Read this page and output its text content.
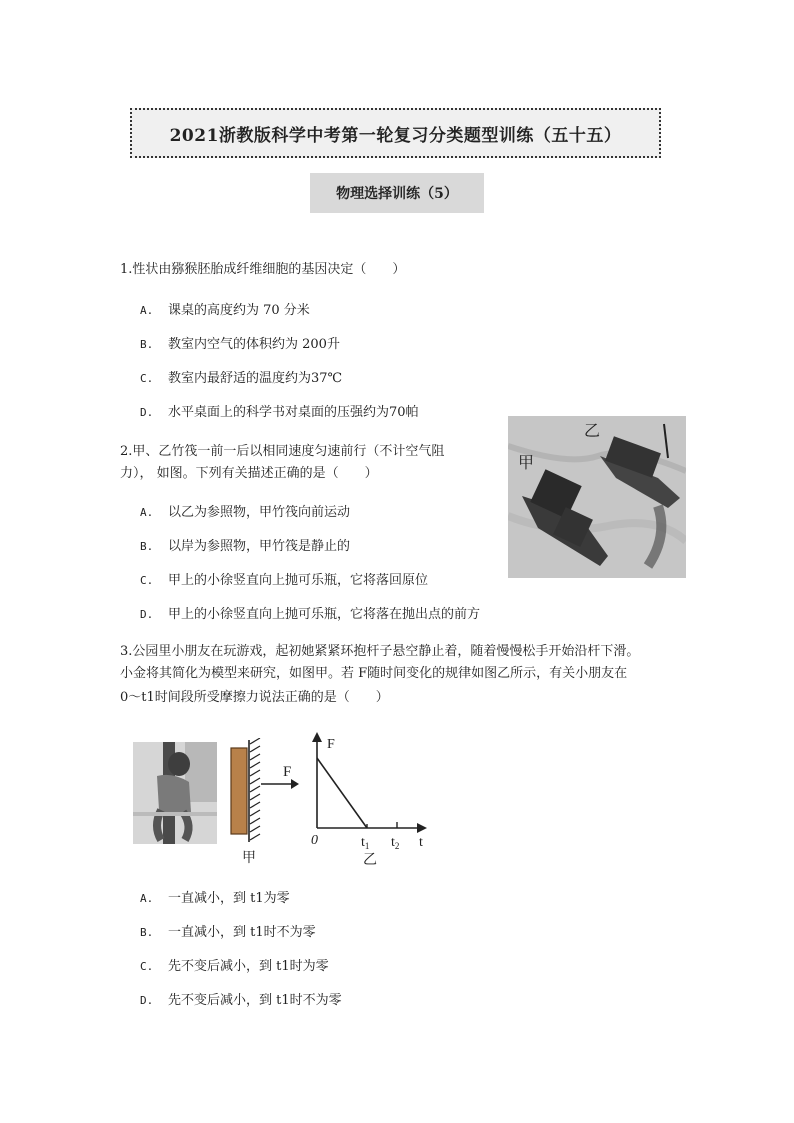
2021浙教版科学中考第一轮复习分类题型训练（五十五）
物理选择训练（5）
1.性状由猕猴胚胎成纤维细胞的基因决定（　　）
A. 课桌的高度约为 70 分米
B. 教室内空气的体积约为 200升
C. 教室内最舒适的温度约为37℃
D. 水平桌面上的科学书对桌面的压强约为70帕
2.甲、乙竹筏一前一后以相同速度匀速前行（不计空气阻
力）， 如图。下列有关描述正确的是（　　）
A. 以乙为参照物，甲竹筏向前运动
B. 以岸为参照物，甲竹筏是静止的
C. 甲上的小徐竖直向上抛可乐瓶，它将落回原位
D. 甲上的小徐竖直向上抛可乐瓶，它将落在抛出点的前方
乙
甲
3.公园里小朋友在玩游戏，起初她紧紧环抱杆子悬空静止着，随着慢慢松手开始沿杆下滑。
小金将其简化为模型来研究，如图甲。若 F随时间变化的规律如图乙所示，有关小朋友在
0～t1时间段所受摩擦力说法正确的是（　　）
F
甲
F
0	$t_1$ $t_2$ t
乙
A. 一直减小，到 t1为零
B. 一直减小，到 t1时不为零
C. 先不变后减小，到 t1时为零
D. 先不变后减小，到 t1时不为零
